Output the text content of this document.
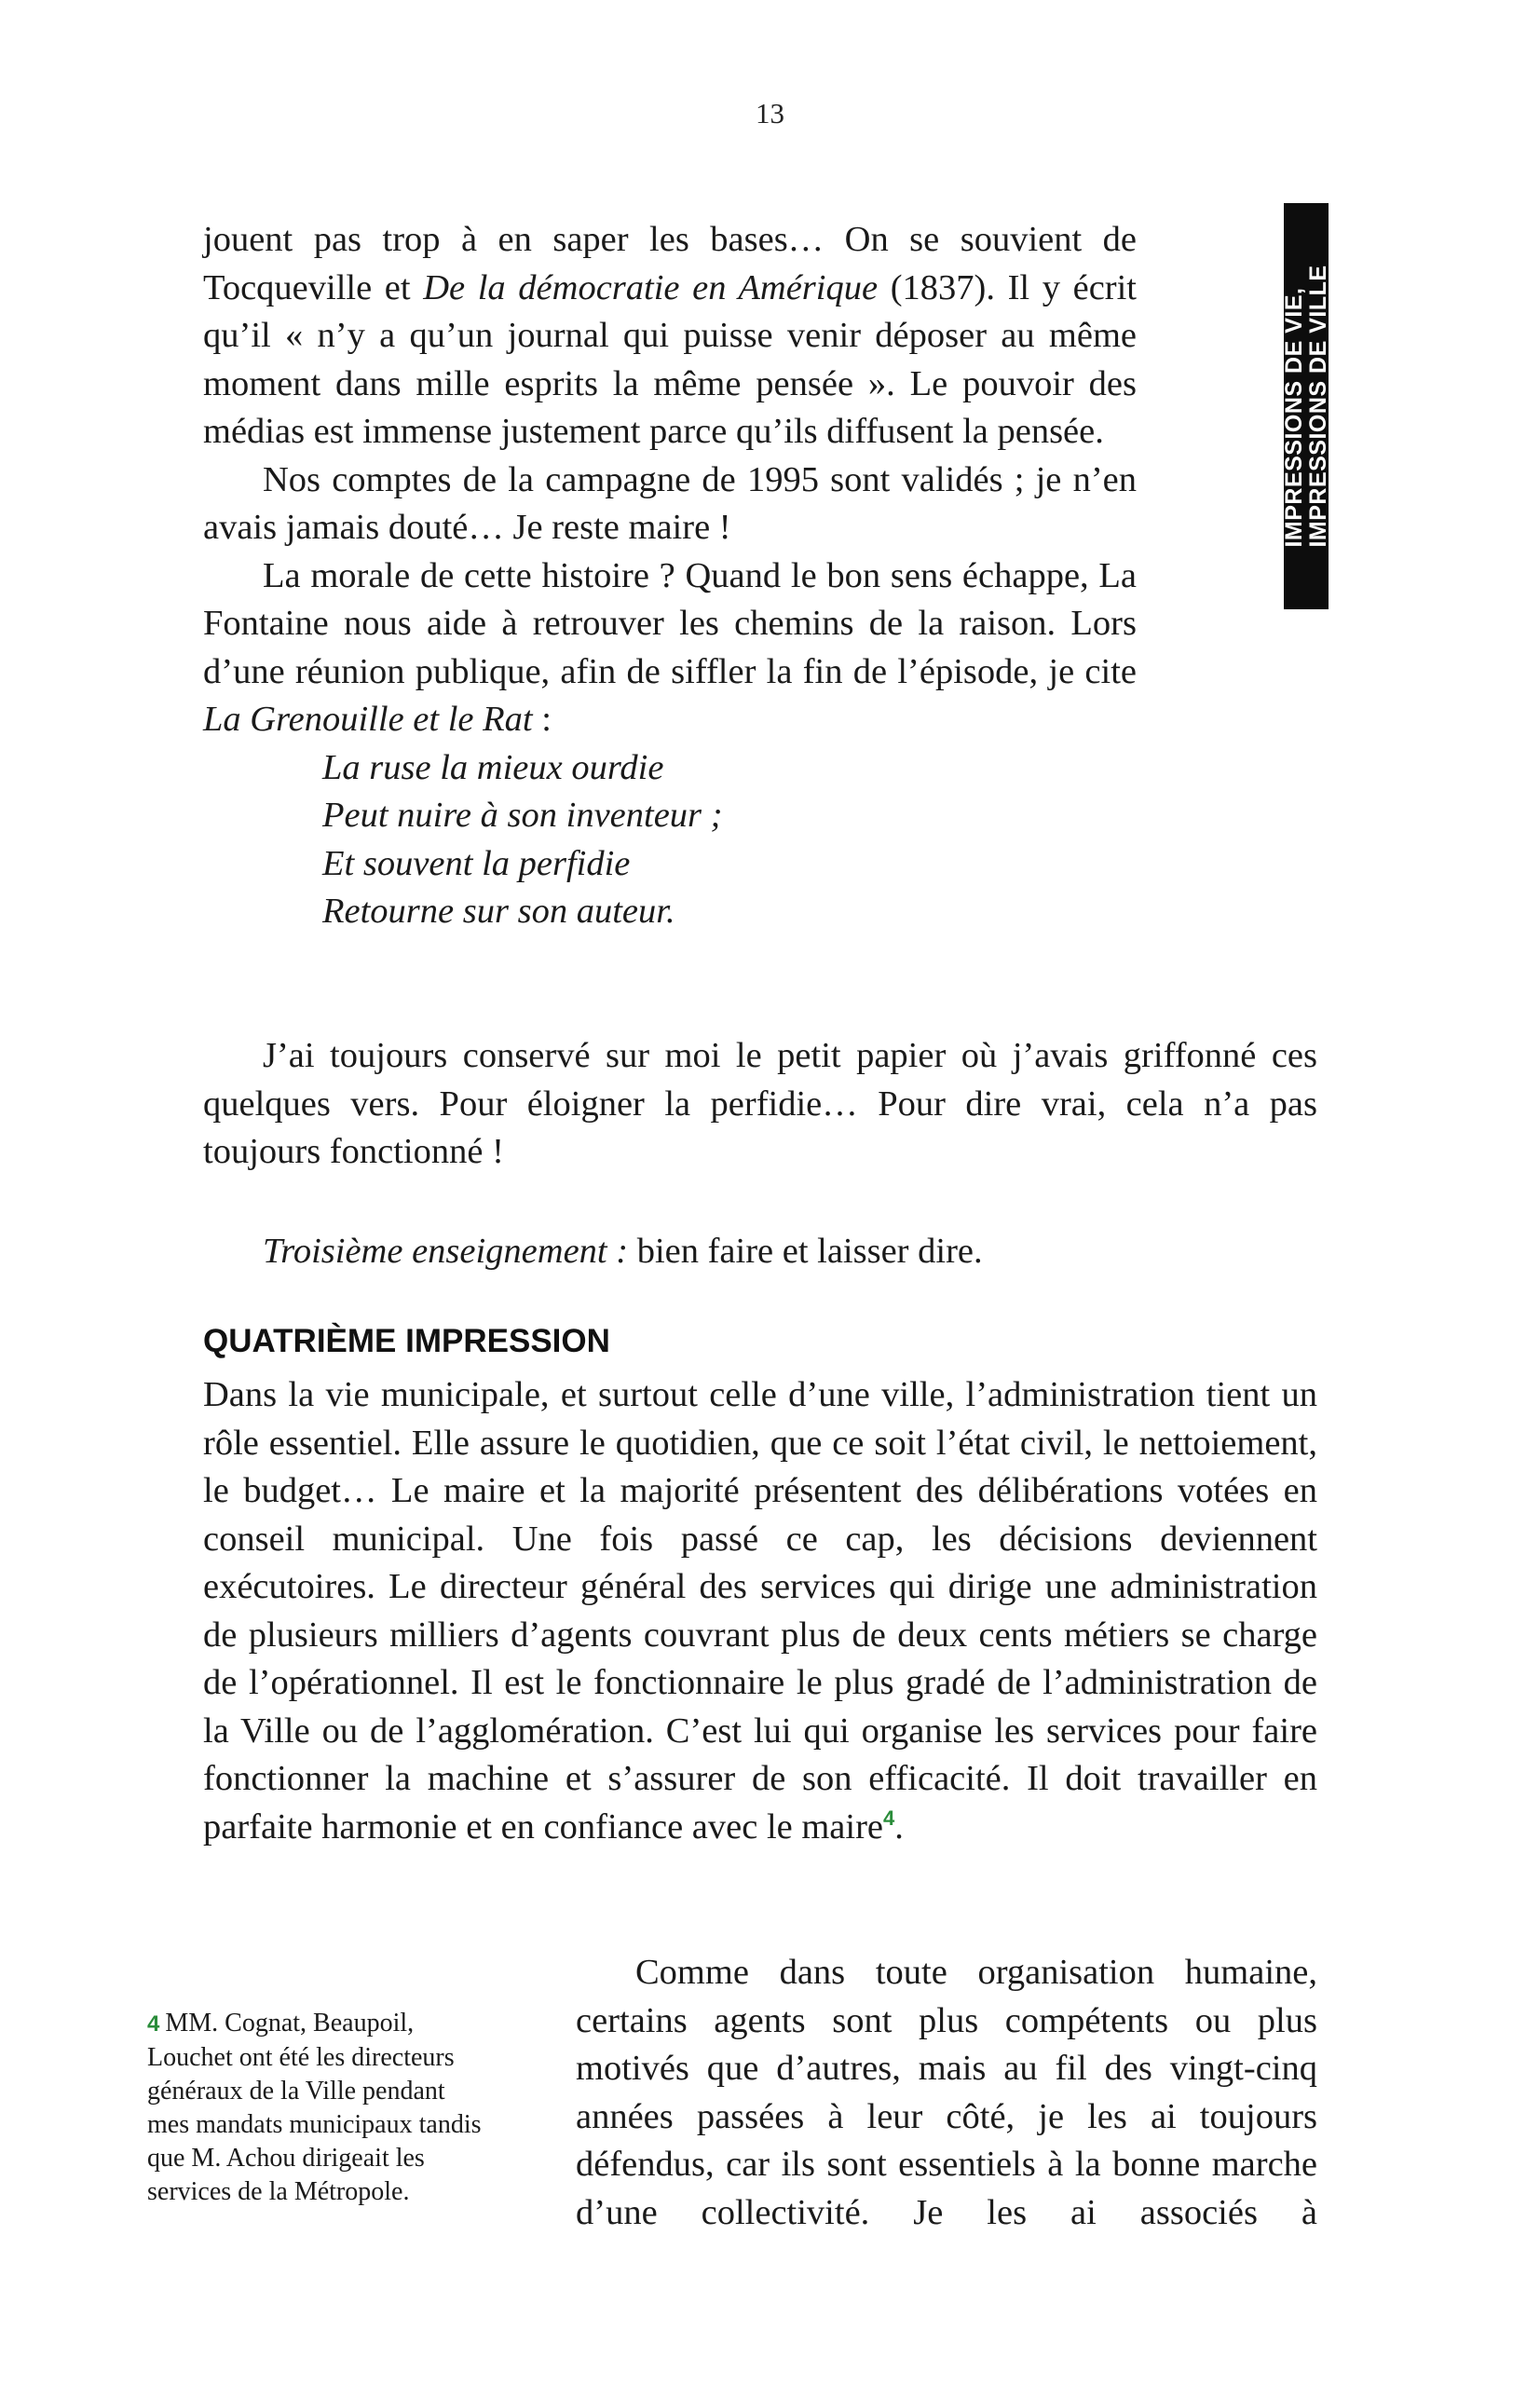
13
IMPRESSIONS DE VIE,
IMPRESSIONS DE VILLE

jouent pas trop à en saper les bases… On se souvient de Tocqueville et De la démocratie en Amérique (1837). Il y écrit qu’il « n’y a qu’un journal qui puisse venir déposer au même moment dans mille esprits la même pensée ». Le pouvoir des médias est immense justement parce qu’ils diffusent la pensée.

Nos comptes de la campagne de 1995 sont validés ; je n’en avais jamais douté… Je reste maire !

La morale de cette histoire ? Quand le bon sens échappe, La Fontaine nous aide à retrouver les chemins de la raison. Lors d’une réunion publique, afin de siffler la fin de l’épisode, je cite La Grenouille et le Rat :

La ruse la mieux ourdie

Peut nuire à son inventeur ;

Et souvent la perfidie

Retourne sur son auteur.

J’ai toujours conservé sur moi le petit papier où j’avais griffonné ces quelques vers. Pour éloigner la perfidie… Pour dire vrai, cela n’a pas toujours fonctionné !

Troisième enseignement : bien faire et laisser dire.

QUATRIÈME IMPRESSION

Dans la vie municipale, et surtout celle d’une ville, l’administration tient un rôle essentiel. Elle assure le quotidien, que ce soit l’état civil, le nettoiement, le budget… Le maire et la majorité présentent des délibérations votées en conseil municipal. Une fois passé ce cap, les décisions deviennent exécutoires. Le directeur général des services qui dirige une administration de plusieurs milliers d’agents couvrant plus de deux cents métiers se charge de l’opérationnel. Il est le fonctionnaire le plus gradé de l’administration de la Ville ou de l’agglomération. C’est lui qui organise les services pour faire fonctionner la machine et s’assurer de son efficacité. Il doit travailler en parfaite harmonie et en confiance avec le maire$^4$.

4 MM. Cognat, Beaupoil, Louchet ont été les directeurs généraux de la Ville pendant mes mandats municipaux tandis que M. Achou dirigeait les services de la Métropole.

Comme dans toute organisation humaine, certains agents sont plus compétents ou plus motivés que d’autres, mais au fil des vingt-cinq années passées à leur côté, je les ai toujours défendus, car ils sont essentiels à la bonne marche d’une collectivité. Je les ai associés à
